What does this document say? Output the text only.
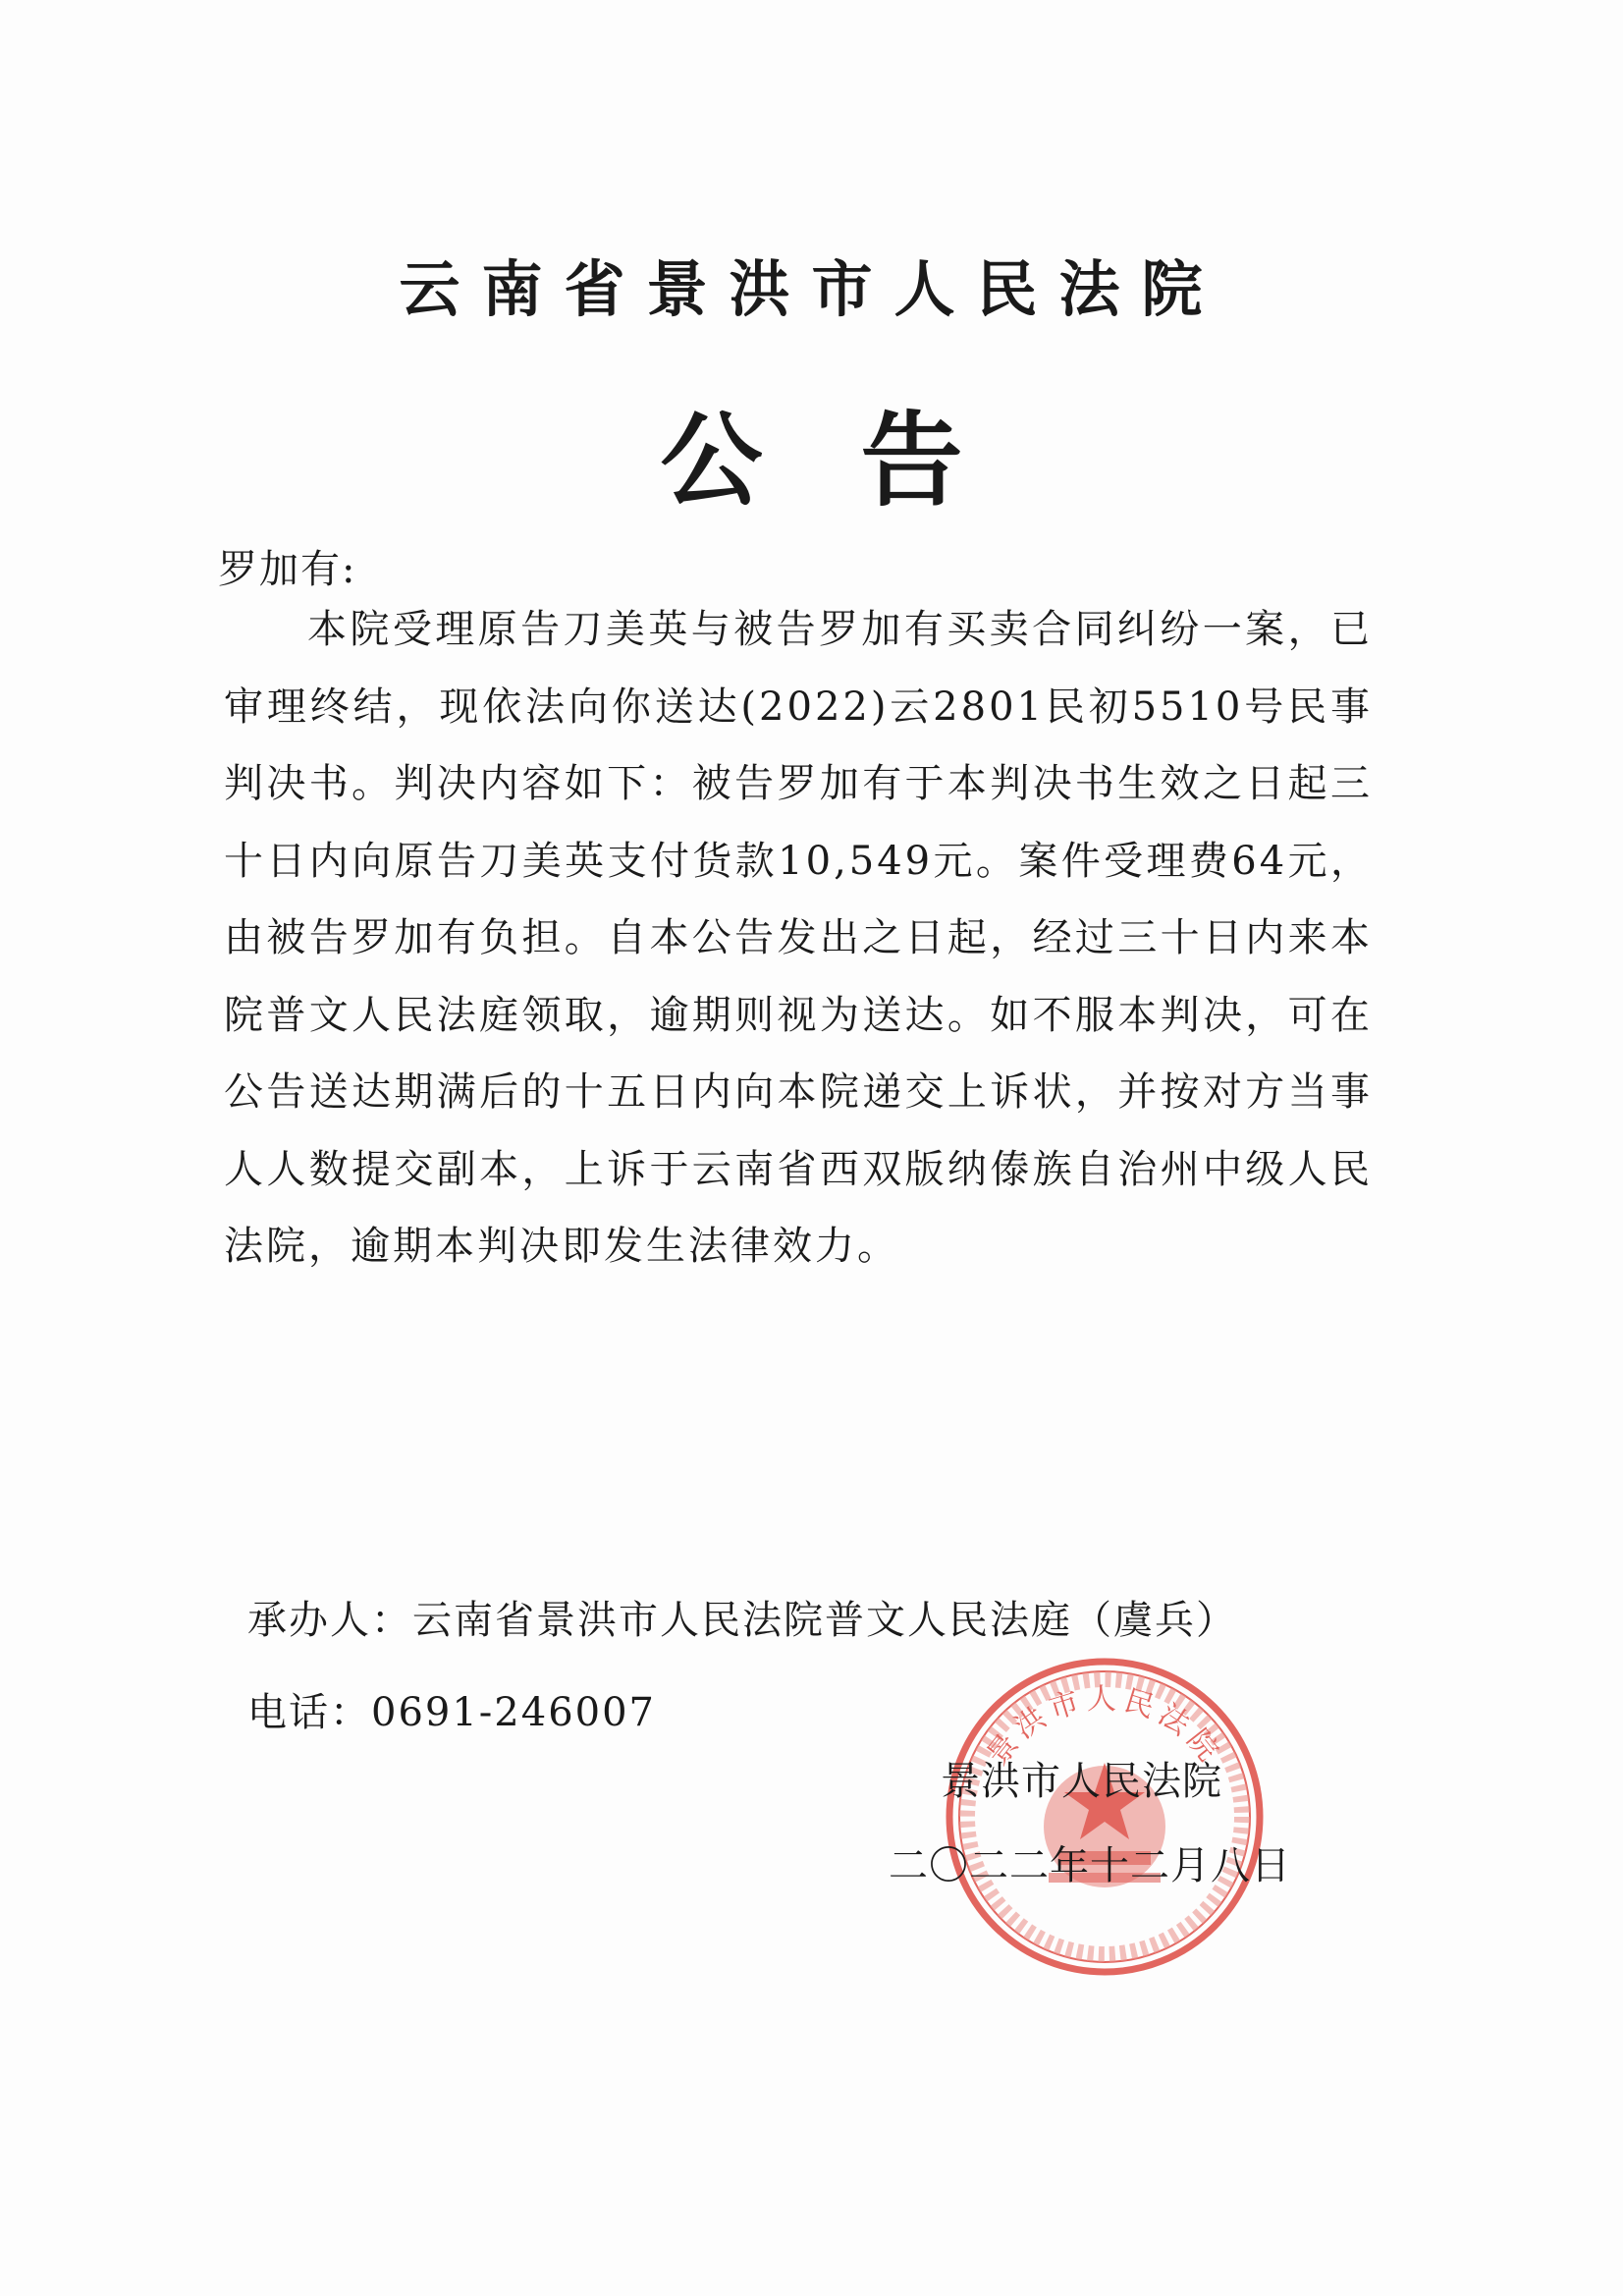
云南省景洪市人民法院
公告
罗加有:
本院受理原告刀美英与被告罗加有买卖合同纠纷一案，已审理终结，现依法向你送达(2022)云2801民初5510号民事判决书。判决内容如下：被告罗加有于本判决书生效之日起三十日内向原告刀美英支付货款10,549元。案件受理费64元，由被告罗加有负担。自本公告发出之日起，经过三十日内来本院普文人民法庭领取，逾期则视为送达。如不服本判决，可在公告送达期满后的十五日内向本院递交上诉状，并按对方当事人人数提交副本，上诉于云南省西双版纳傣族自治州中级人民法院，逾期本判决即发生法律效力。
承办人：云南省景洪市人民法院普文人民法庭（虞兵）
电话：0691-246007
景洪市人民法院
景洪市人民法院
二〇二二年十二月八日
